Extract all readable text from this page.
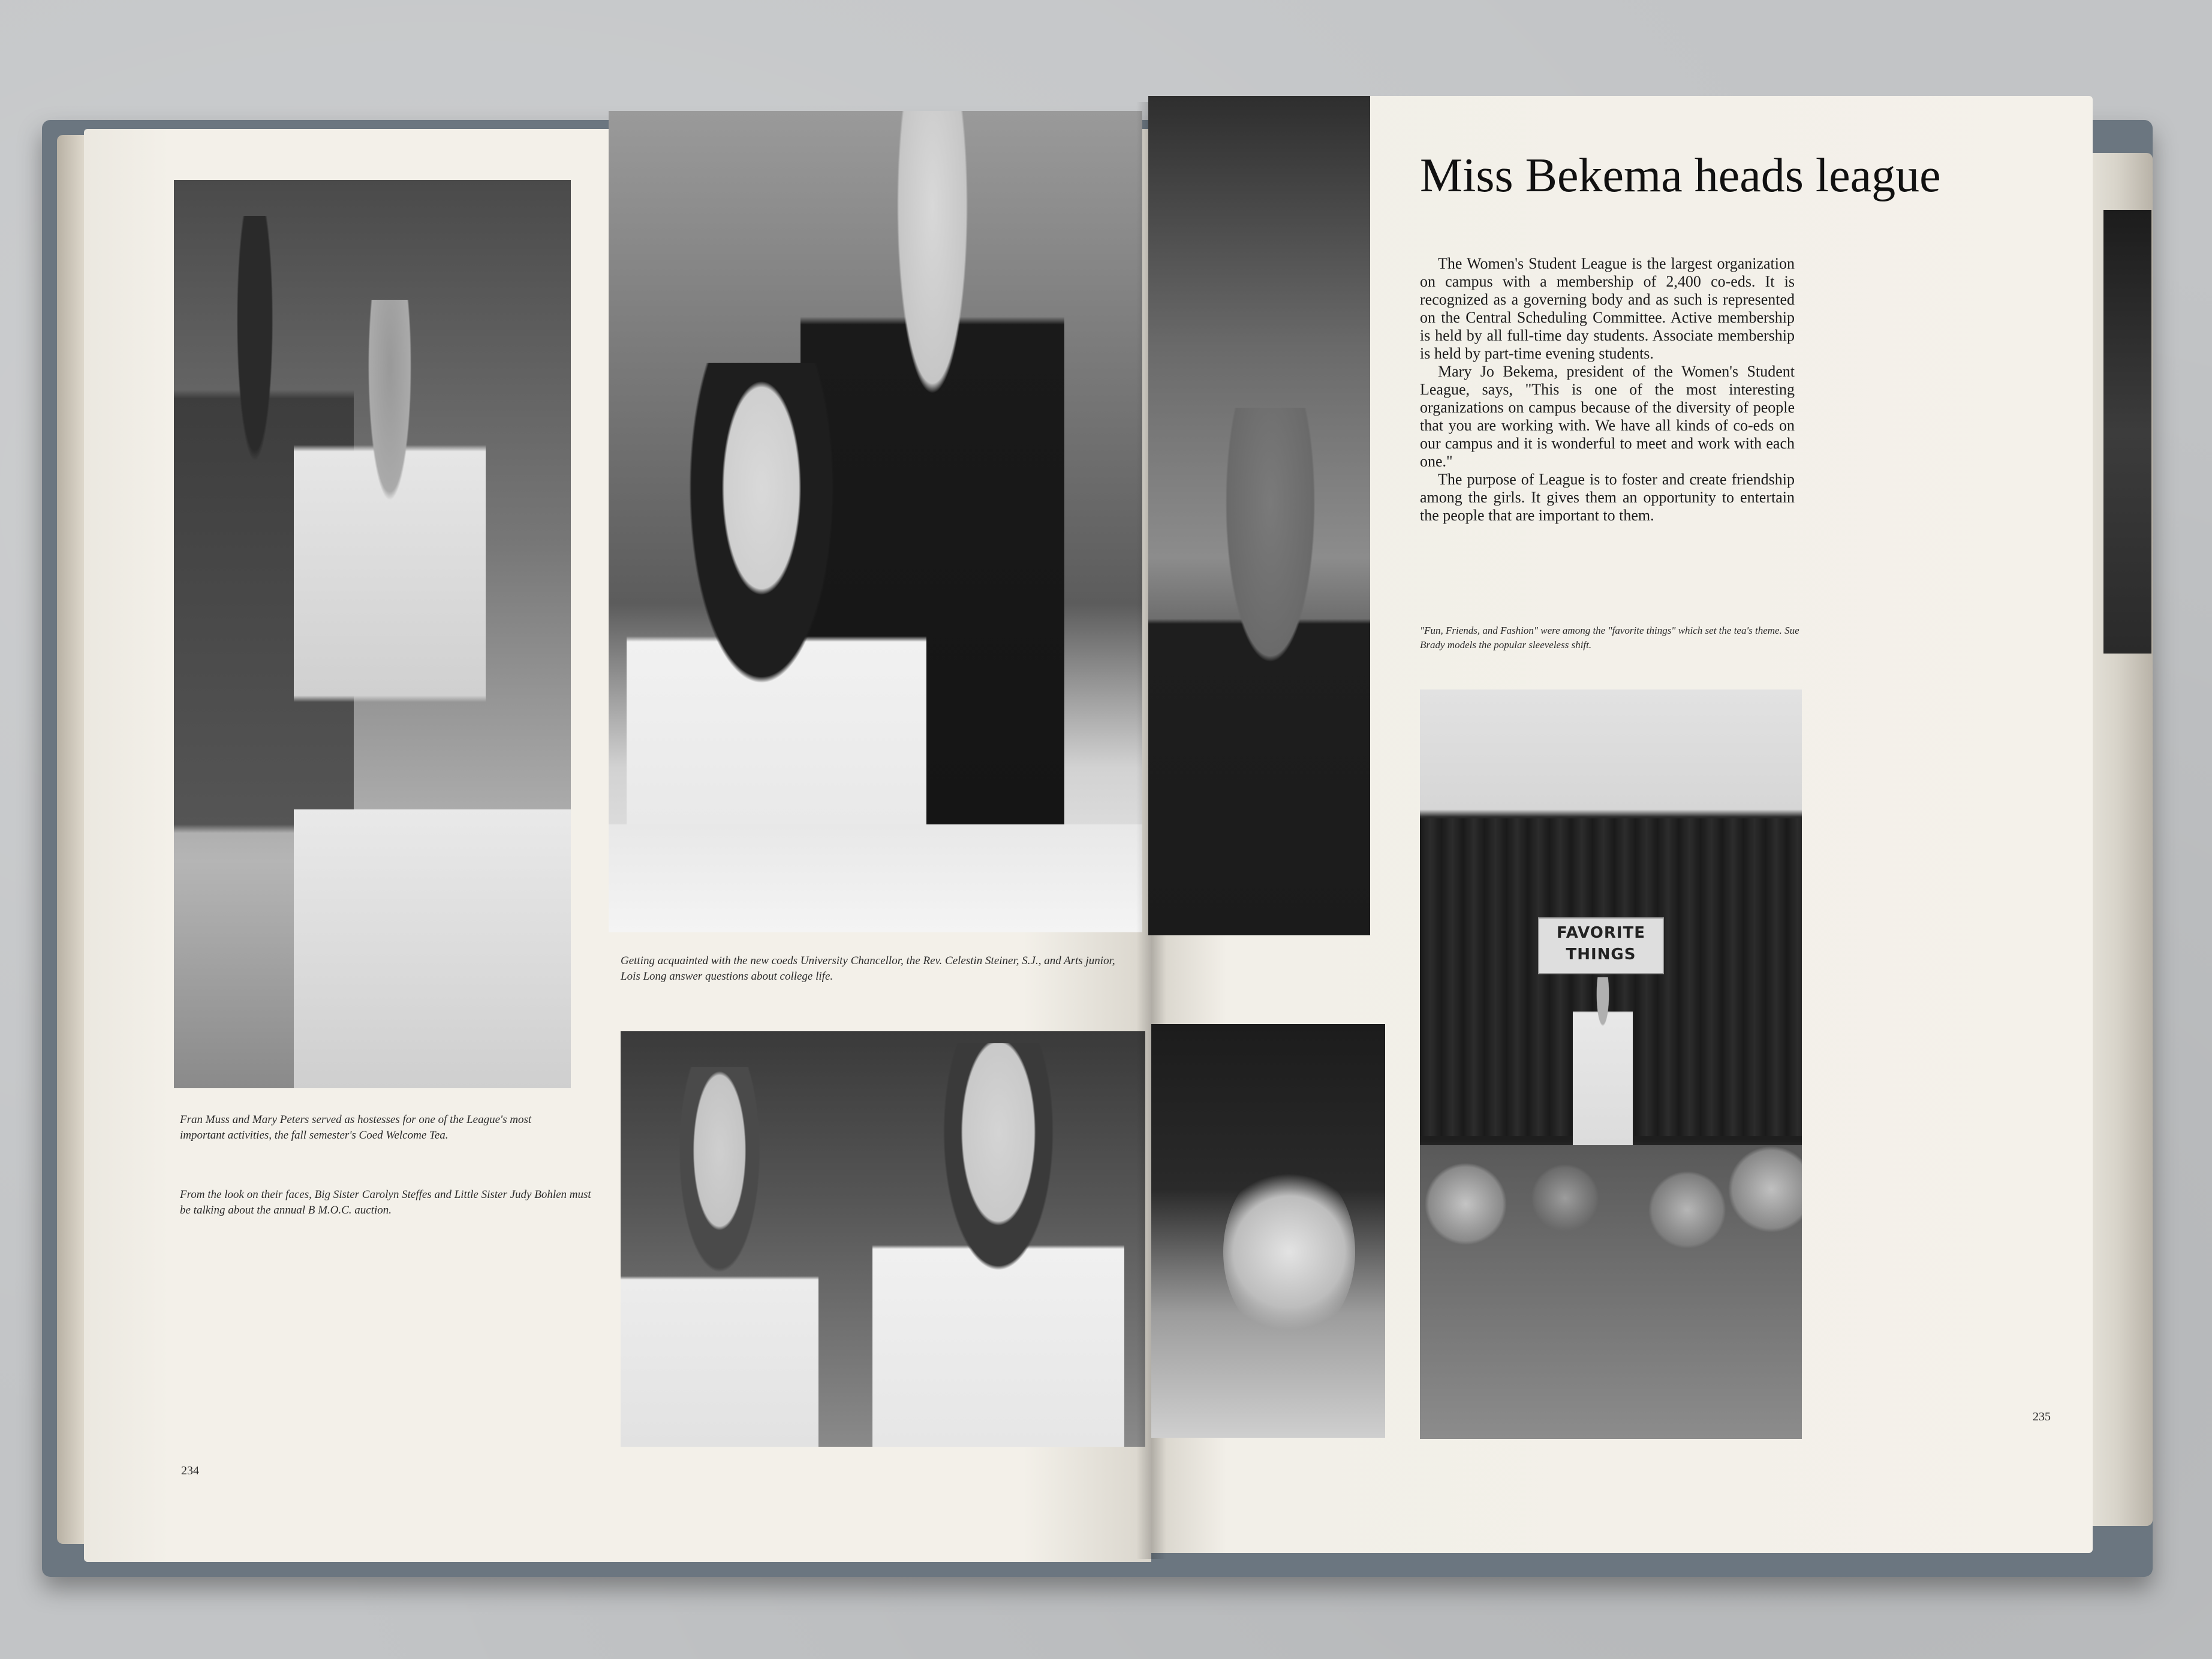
Fran Muss and Mary Peters served as hostesses for one of the League's most important activities, the fall semester's Coed Welcome Tea.

From the look on their faces, Big Sister Carolyn Steffes and Little Sister Judy Bohlen must be talking about the annual B M.O.C. auction.

Getting acquainted with the new coeds University Chancellor, the Rev. Celestin Steiner, S.J., and Arts junior, Lois Long answer questions about college life.

234
Miss Bekema heads league

The Women's Student League is the largest organization on campus with a membership of 2,400 co-eds. It is recognized as a governing body and as such is represented on the Central Scheduling Committee. Active membership is held by all full-time day students. Associate membership is held by part-time evening students.

Mary Jo Bekema, president of the Women's Student League, says, "This is one of the most interesting organizations on campus because of the diversity of people that you are working with. We have all kinds of co-eds on our campus and it is wonderful to meet and work with each one."

The purpose of League is to foster and create friendship among the girls. It gives them an opportunity to entertain the people that are important to them.

"Fun, Friends, and Fashion" were among the "favorite things" which set the tea's theme. Sue Brady models the popular sleeveless shift.

FAVORITE
THINGS
235
